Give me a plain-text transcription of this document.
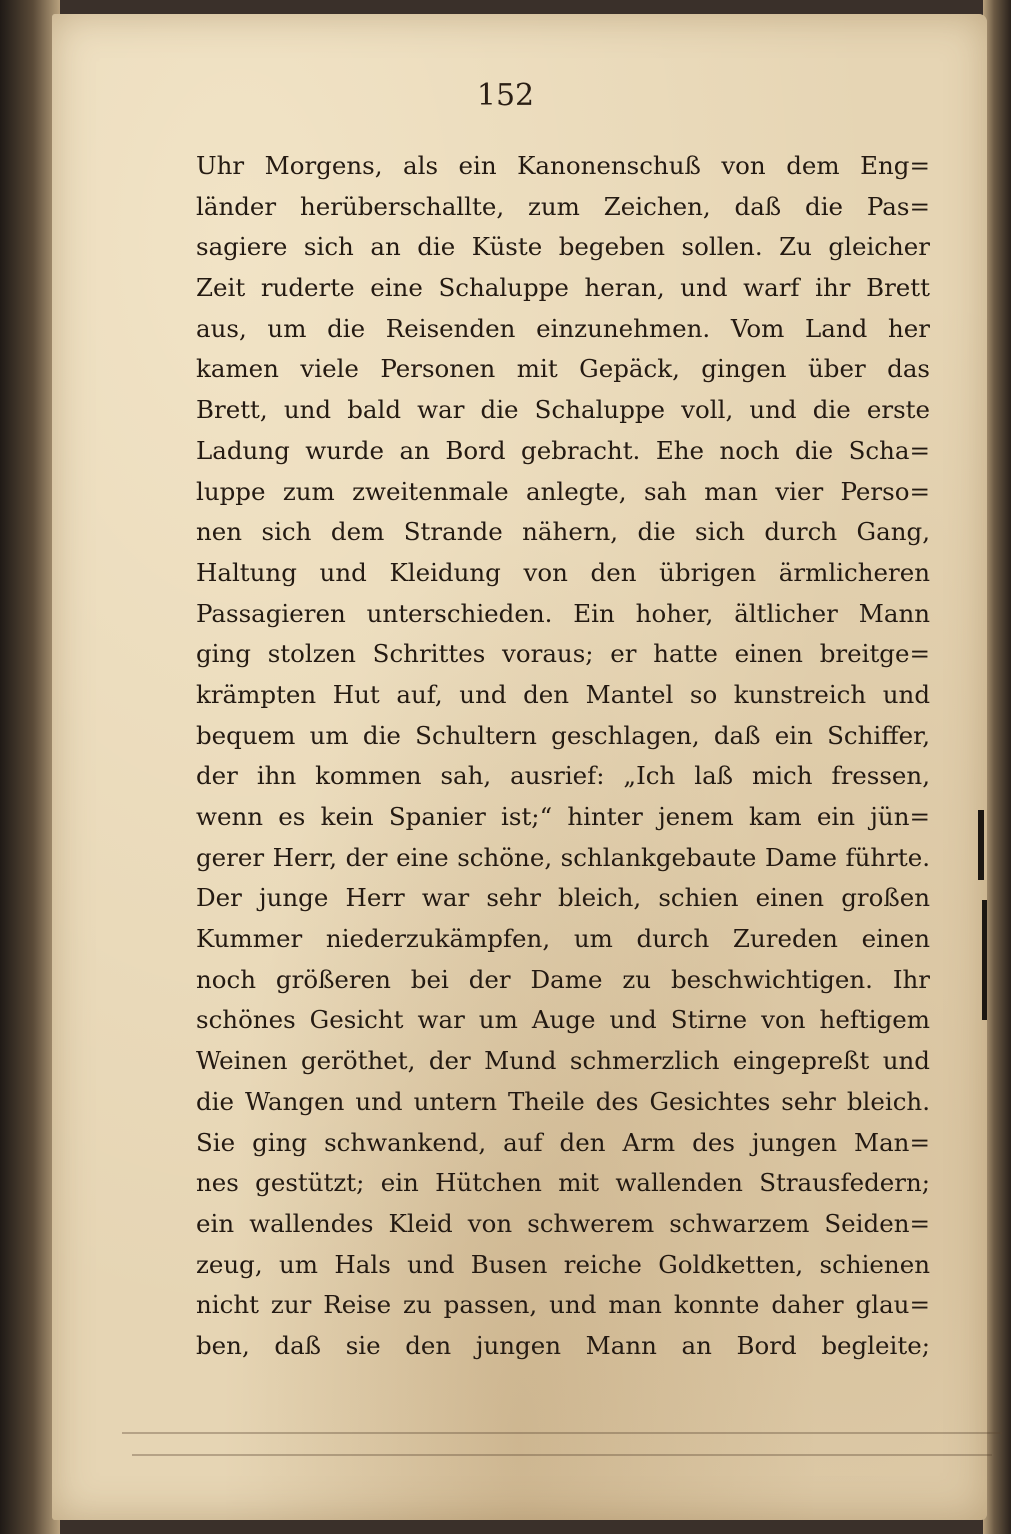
152
Uhr Morgens, als ein Kanonenschuß von dem Eng=
länder herüberschallte, zum Zeichen, daß die Pas=
sagiere sich an die Küste begeben sollen. Zu gleicher
Zeit ruderte eine Schaluppe heran, und warf ihr Brett
aus, um die Reisenden einzunehmen. Vom Land her
kamen viele Personen mit Gepäck, gingen über das
Brett, und bald war die Schaluppe voll, und die erste
Ladung wurde an Bord gebracht. Ehe noch die Scha=
luppe zum zweitenmale anlegte, sah man vier Perso=
nen sich dem Strande nähern, die sich durch Gang,
Haltung und Kleidung von den übrigen ärmlicheren
Passagieren unterschieden. Ein hoher, ältlicher Mann
ging stolzen Schrittes voraus; er hatte einen breitge=
krämpten Hut auf, und den Mantel so kunstreich und
bequem um die Schultern geschlagen, daß ein Schiffer,
der ihn kommen sah, ausrief: „Ich laß mich fressen,
wenn es kein Spanier ist;“ hinter jenem kam ein jün=
gerer Herr, der eine schöne, schlankgebaute Dame führte.
Der junge Herr war sehr bleich, schien einen großen
Kummer niederzukämpfen, um durch Zureden einen
noch größeren bei der Dame zu beschwichtigen. Ihr
schönes Gesicht war um Auge und Stirne von heftigem
Weinen geröthet, der Mund schmerzlich eingepreßt und
die Wangen und untern Theile des Gesichtes sehr bleich.
Sie ging schwankend, auf den Arm des jungen Man=
nes gestützt; ein Hütchen mit wallenden Strausfedern;
ein wallendes Kleid von schwerem schwarzem Seiden=
zeug, um Hals und Busen reiche Goldketten, schienen
nicht zur Reise zu passen, und man konnte daher glau=
ben, daß sie den jungen Mann an Bord begleite;
